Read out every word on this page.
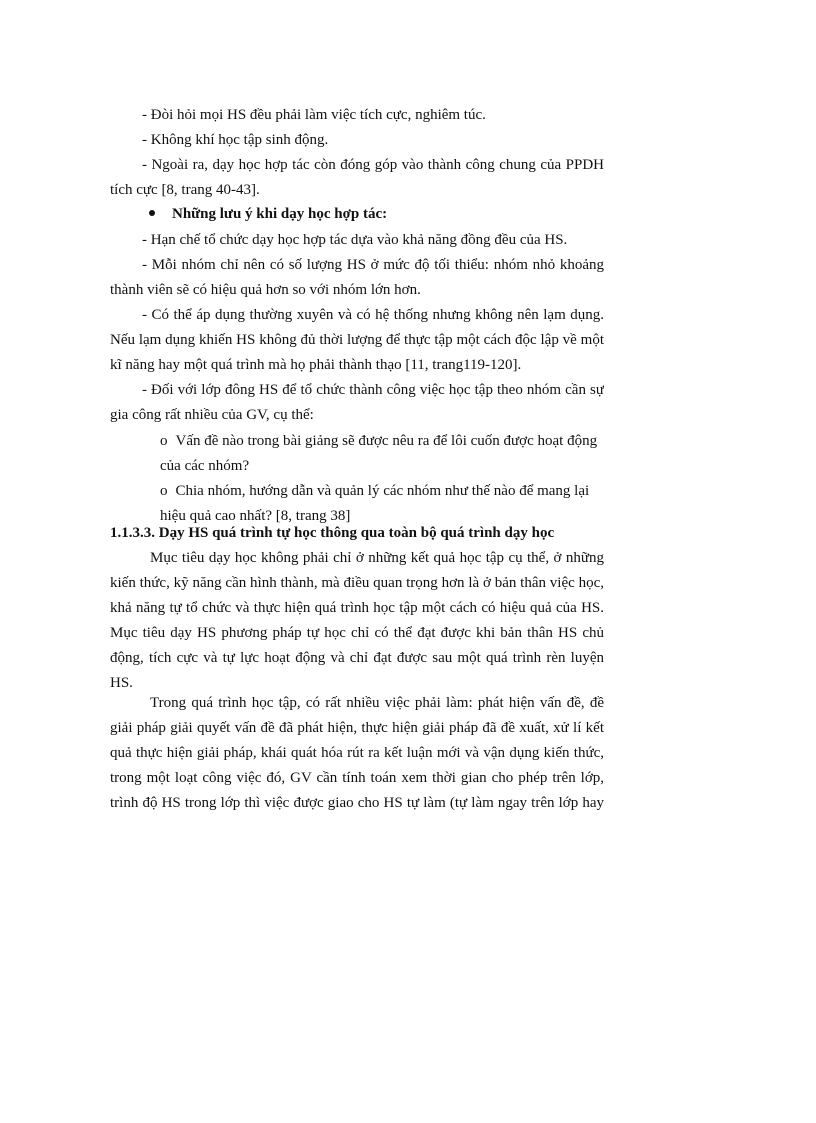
- Đòi hỏi mọi HS đều phải làm việc tích cực, nghiêm túc.
- Không khí học tập sinh động.
- Ngoài ra, dạy học hợp tác còn đóng góp vào thành công chung của PPDH
tích cực [8, trang 40-43].
Những lưu ý khi dạy học hợp tác:
- Hạn chế tổ chức dạy học hợp tác dựa vào khả năng đồng đều của HS.
- Mỗi nhóm chỉ nên có số lượng HS ở mức độ tối thiểu: nhóm nhỏ khoảng
thành viên sẽ có hiệu quả hơn so với nhóm lớn hơn.
- Có thể áp dụng thường xuyên và có hệ thống nhưng không nên lạm dụng.
Nếu lạm dụng khiến HS không đủ thời lượng để thực tập một cách độc lập về một
kĩ năng hay một quá trình mà họ phải thành thạo [11, trang119-120].
- Đối với lớp đông HS để tổ chức thành công việc học tập theo nhóm cần sự
gia công rất nhiều của GV, cụ thể:
o Vấn đề nào trong bài giảng sẽ được nêu ra để lôi cuốn được hoạt động
của các nhóm?
o Chia nhóm, hướng dẫn và quản lý các nhóm như thế nào để mang lại
hiệu quả cao nhất? [8, trang 38]
1.1.3.3. Dạy HS quá trình tự học thông qua toàn bộ quá trình dạy học
Mục tiêu dạy học không phải chỉ ở những kết quả học tập cụ thể, ở những
kiến thức, kỹ năng cần hình thành, mà điều quan trọng hơn là ở bản thân việc học,
khả năng tự tổ chức và thực hiện quá trình học tập một cách có hiệu quả của HS.
Mục tiêu dạy HS phương pháp tự học chỉ có thể đạt được khi bản thân HS chủ
động, tích cực và tự lực hoạt động và chỉ đạt được sau một quá trình rèn luyện
HS.
Trong quá trình học tập, có rất nhiều việc phải làm: phát hiện vấn đề, đề
giải pháp giải quyết vấn đề đã phát hiện, thực hiện giải pháp đã đề xuất, xử lí kết
quả thực hiện giải pháp, khái quát hóa rút ra kết luận mới và vận dụng kiến thức,
trong một loạt công việc đó, GV cần tính toán xem thời gian cho phép trên lớp,
trình độ HS trong lớp thì việc được giao cho HS tự làm (tự làm ngay trên lớp hay
